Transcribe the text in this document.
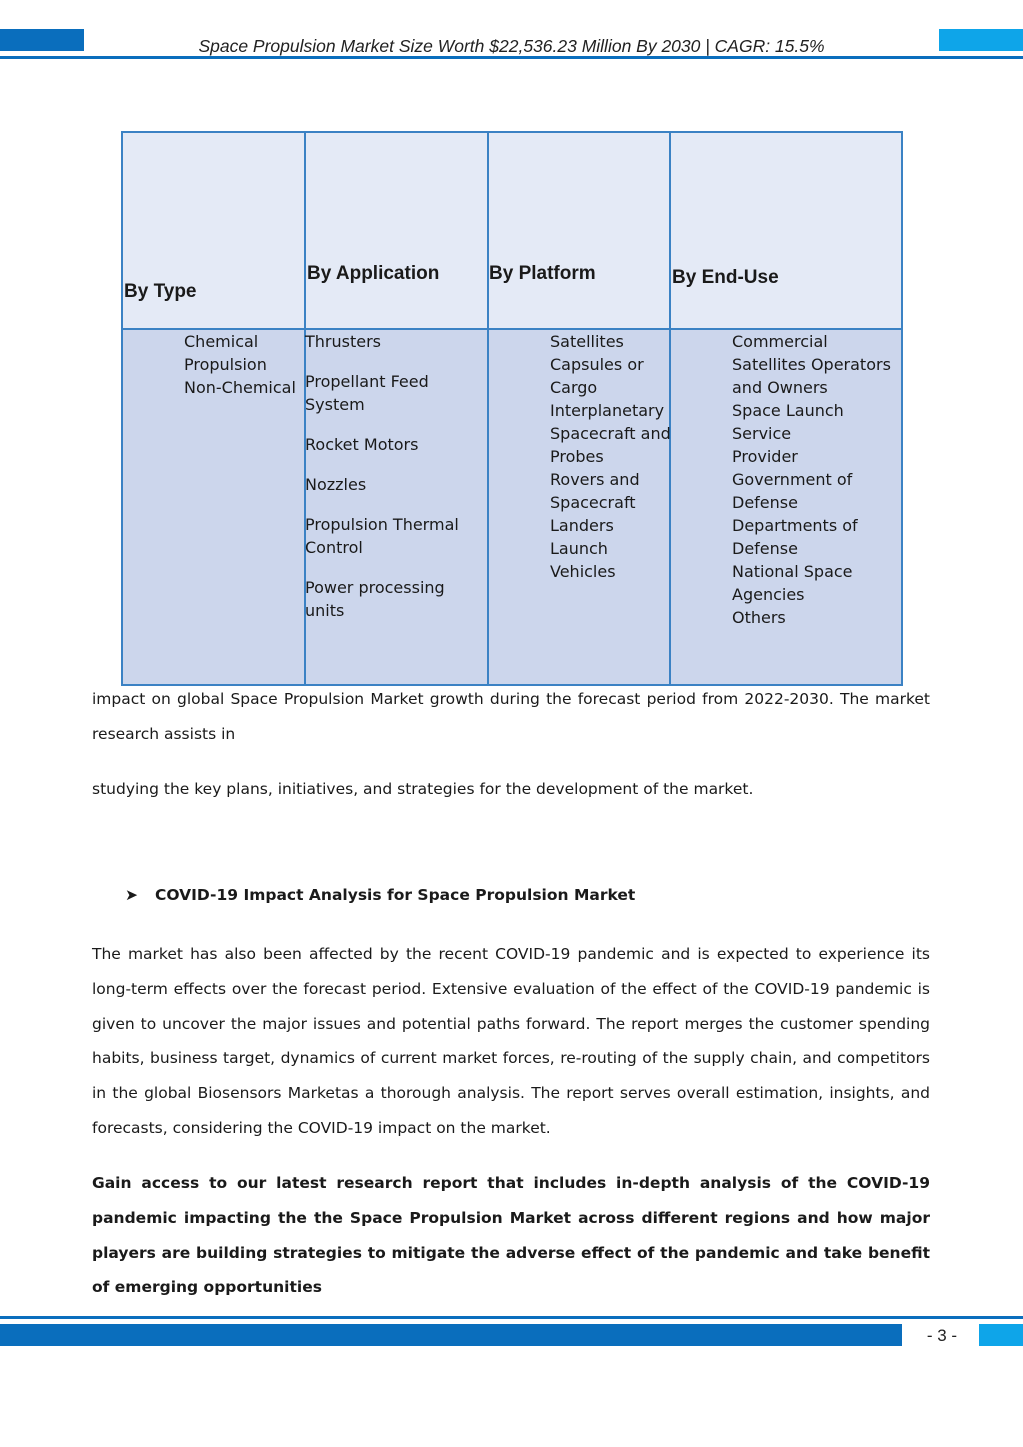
Space Propulsion Market Size Worth $22,536.23 Million By 2030 | CAGR: 15.5%
By Type
By Application	By Platform	By End-Use
Chemical
Propulsion
Non-Chemical
Thrusters
Propellant Feed System
Rocket Motors
Nozzles
Propulsion Thermal Control
Power processing units
Satellites
Capsules or
Cargo
Interplanetary
Spacecraft and
Probes
Rovers and
Spacecraft
Landers
Launch
Vehicles
Commercial
Satellites Operators
and Owners
Space Launch Service
Provider
Government of
Defense
Departments of
Defense
National Space
Agencies
Others

impact on global Space Propulsion Market growth during the forecast period from 2022-2030. The market research assists in

studying the key plans, initiatives, and strategies for the development of the market.

➤ COVID-19 Impact Analysis for Space Propulsion Market

The market has also been affected by the recent COVID-19 pandemic and is expected to experience its long-term effects over the forecast period. Extensive evaluation of the effect of the COVID-19 pandemic is given to uncover the major issues and potential paths forward. The report merges the customer spending habits, business target, dynamics of current market forces, re-routing of the supply chain, and competitors in the global Biosensors Marketas a thorough analysis. The report serves overall estimation, insights, and forecasts, considering the COVID-19 impact on the market.

Gain access to our latest research report that includes in-depth analysis of the COVID-19 pandemic impacting the the Space Propulsion Market across different regions and how major players are building strategies to mitigate the adverse effect of the pandemic and take benefit of emerging opportunities

- 3 -
